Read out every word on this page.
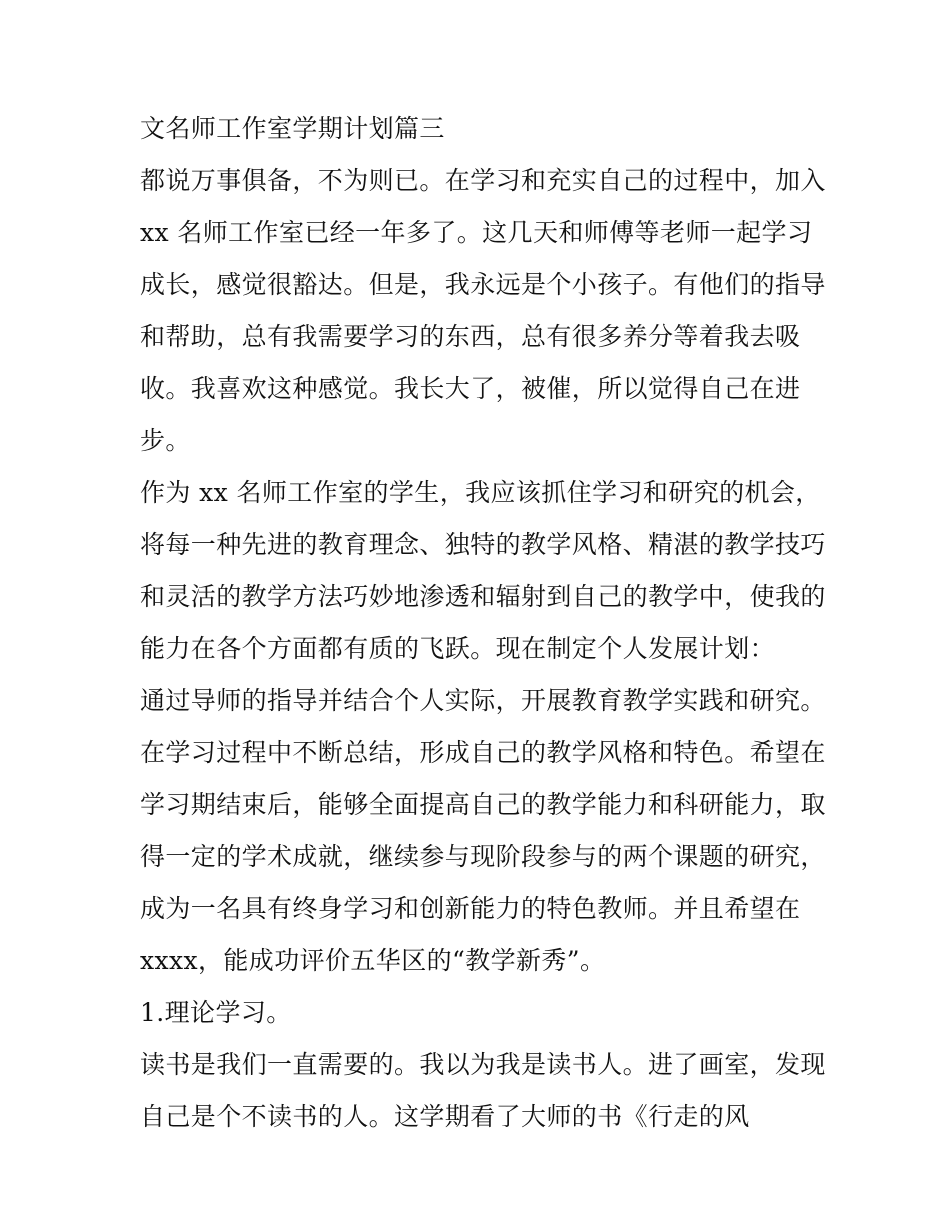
文名师工作室学期计划篇三
都说万事俱备，不为则已。在学习和充实自己的过程中，加入
xx 名师工作室已经一年多了。这几天和师傅等老师一起学习
成长，感觉很豁达。但是，我永远是个小孩子。有他们的指导
和帮助，总有我需要学习的东西，总有很多养分等着我去吸
收。我喜欢这种感觉。我长大了，被催，所以觉得自己在进
步。
作为 xx 名师工作室的学生，我应该抓住学习和研究的机会，
将每一种先进的教育理念、独特的教学风格、精湛的教学技巧
和灵活的教学方法巧妙地渗透和辐射到自己的教学中，使我的
能力在各个方面都有质的飞跃。现在制定个人发展计划：
通过导师的指导并结合个人实际，开展教育教学实践和研究。
在学习过程中不断总结，形成自己的教学风格和特色。希望在
学习期结束后，能够全面提高自己的教学能力和科研能力，取
得一定的学术成就，继续参与现阶段参与的两个课题的研究，
成为一名具有终身学习和创新能力的特色教师。并且希望在
xxxx，能成功评价五华区的“教学新秀”。
1.理论学习。
读书是我们一直需要的。我以为我是读书人。进了画室，发现
自己是个不读书的人。这学期看了大师的书《行走的风
